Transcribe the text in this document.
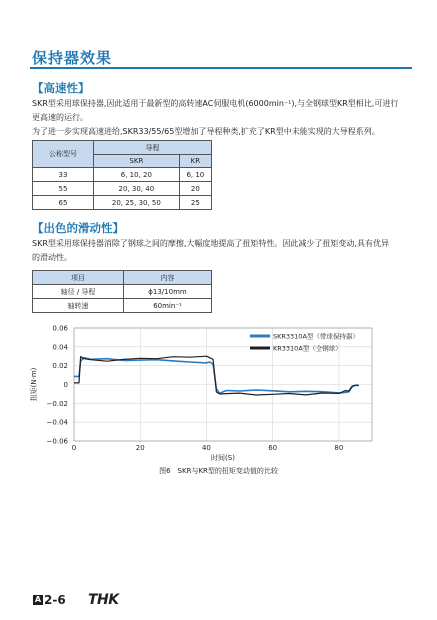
保持器效果
【高速性】
SKR型采用球保持器,因此适用于最新型的高转速AC伺服电机(6000min⁻¹),与全钢球型KR型相比,可进行
更高速的运行。
为了进一步实现高速进给,SKR33/55/65型增加了导程种类,扩充了KR型中未能实现的大导程系列。
公称型号	导程	
	SKR	KR
33	6, 10, 20	6, 10
55	20, 30, 40	20
65	20, 25, 30, 50	25
【出色的滑动性】
SKR型采用球保持器消除了钢球之间的摩擦,大幅度地提高了扭矩特性。因此减少了扭矩变动,具有优异
的滑动性。
项目	内容
轴径 / 导程	ϕ13/10mm
轴转速	60min⁻¹
0.06
0.04
0.02
0
−0.02
−0.04
−0.06
0	20	40	60	80
时间(S)
扭矩(N·m)
SKR3310A型（带球保持器）
KR3310A型（全钢球）
图6　SKR与KR型的扭矩变动值的比较
A 2-6 THK
